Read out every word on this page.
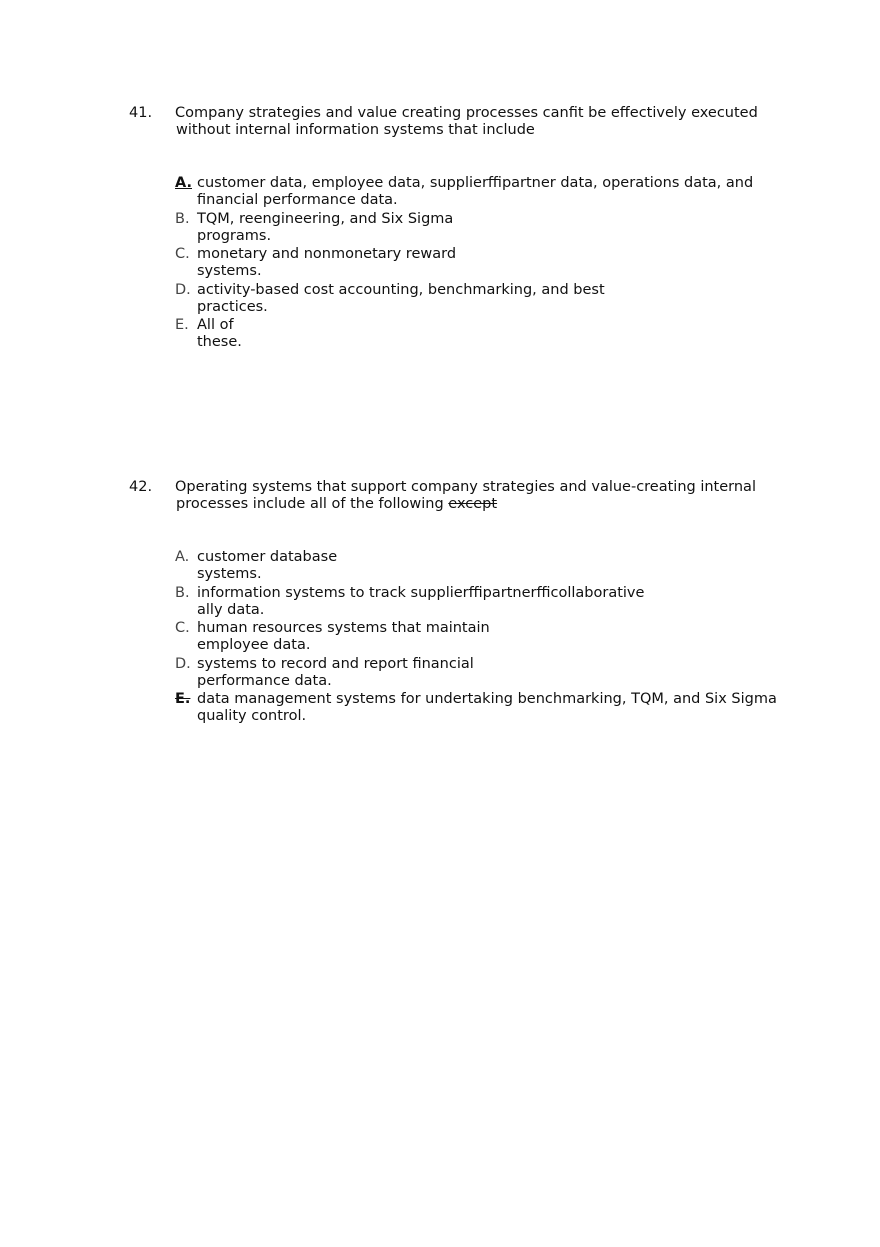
41. Company strategies and value creating processes canﬁt be effectively executed
without internal information systems that include
A. customer data, employee data, supplierﬃpartner data, operations data, and
financial performance data.
B. TQM, reengineering, and Six Sigma
programs.
C. monetary and nonmonetary reward
systems.
D. activity-based cost accounting, benchmarking, and best
practices.
E. All of
these.
42. Operating systems that support company strategies and value-creating internal
processes include all of the following except
A. customer database
systems.
B. information systems to track supplierﬃpartnerﬃcollaborative
ally data.
C. human resources systems that maintain
employee data.
D. systems to record and report financial
performance data.
E. data management systems for undertaking benchmarking, TQM, and Six Sigma
quality control.
